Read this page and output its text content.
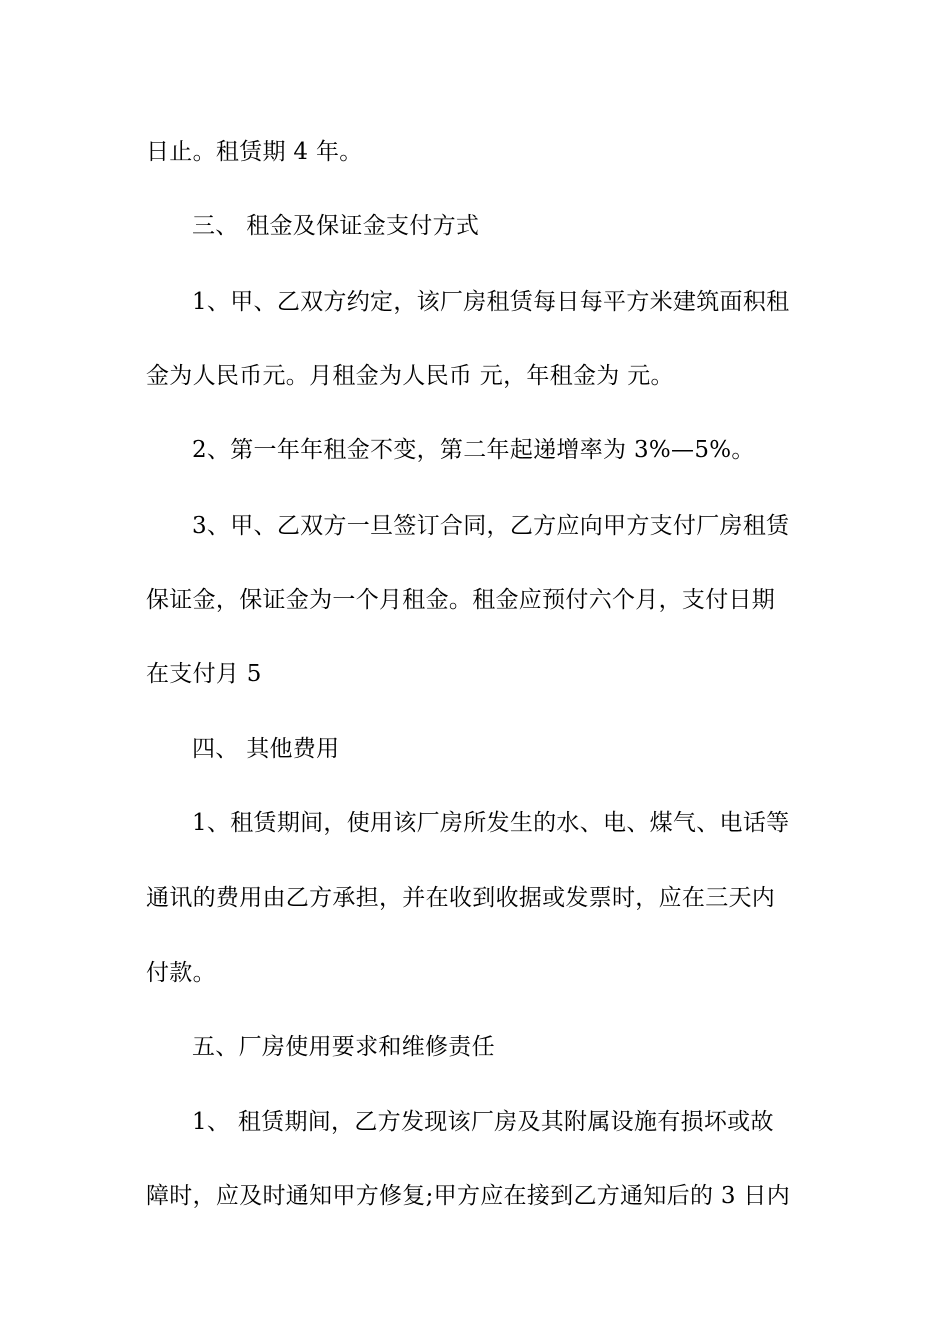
日止。租赁期 4 年。
三、 租金及保证金支付方式
1、甲、乙双方约定，该厂房租赁每日每平方米建筑面积租
金为人民币元。月租金为人民币 元，年租金为 元。
2、第一年年租金不变，第二年起递增率为 3%—5%。
3、甲、乙双方一旦签订合同，乙方应向甲方支付厂房租赁
保证金，保证金为一个月租金。租金应预付六个月，支付日期
在支付月 5
四、 其他费用
1、租赁期间，使用该厂房所发生的水、电、煤气、电话等
通讯的费用由乙方承担，并在收到收据或发票时，应在三天内
付款。
五、厂房使用要求和维修责任
1、 租赁期间，乙方发现该厂房及其附属设施有损坏或故
障时，应及时通知甲方修复;甲方应在接到乙方通知后的 3 日内
